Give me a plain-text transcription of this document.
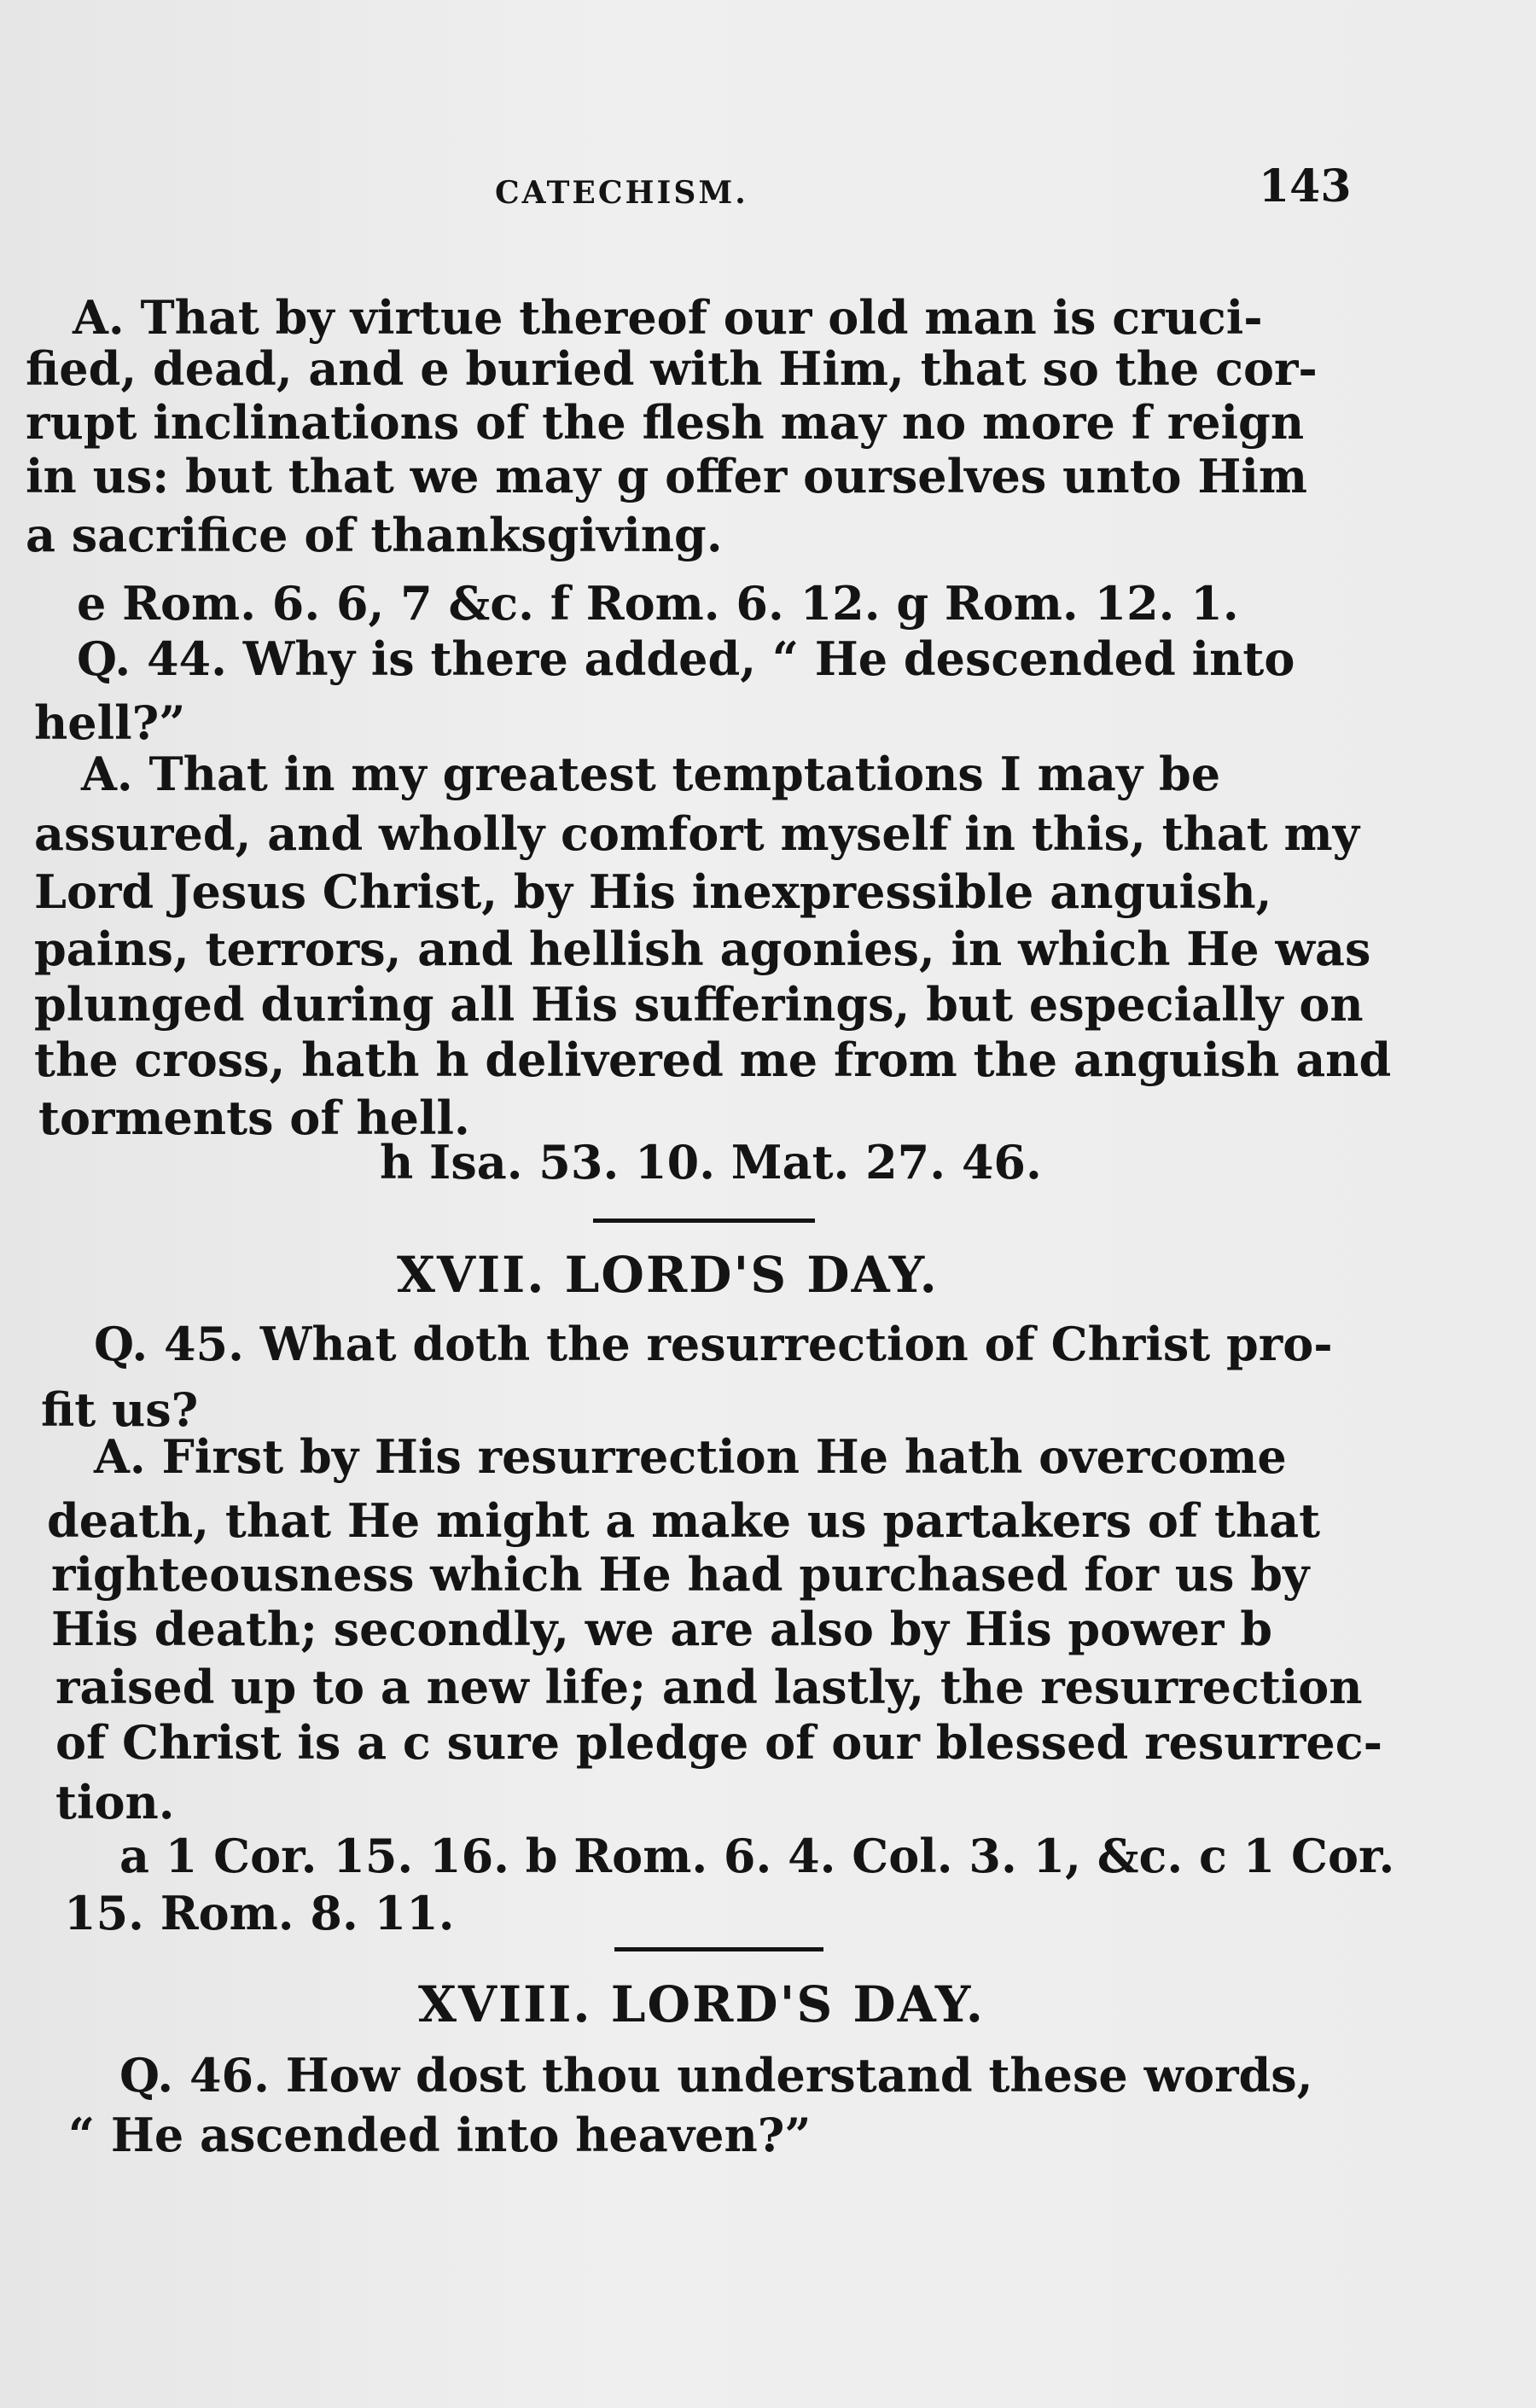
CATECHISM.	143
A. That by virtue thereof our old man is cruci-
fied, dead, and e buried with Him, that so the cor-
rupt inclinations of the flesh may no more f reign
in us: but that we may g offer ourselves unto Him
a sacrifice of thanksgiving.
e Rom. 6. 6, 7 &c. f Rom. 6. 12. g Rom. 12. 1.
Q. 44. Why is there added, “ He descended into
hell?”
A. That in my greatest temptations I may be
assured, and wholly comfort myself in this, that my
Lord Jesus Christ, by His inexpressible anguish,
pains, terrors, and hellish agonies, in which He was
plunged during all His sufferings, but especially on
the cross, hath h delivered me from the anguish and
torments of hell.
h Isa. 53. 10. Mat. 27. 46.
XVII. LORD'S DAY.
Q. 45. What doth the resurrection of Christ pro-
fit us?
A. First by His resurrection He hath overcome
death, that He might a make us partakers of that
righteousness which He had purchased for us by
His death; secondly, we are also by His power b
raised up to a new life; and lastly, the resurrection
of Christ is a c sure pledge of our blessed resurrec-
tion.
a 1 Cor. 15. 16. b Rom. 6. 4. Col. 3. 1, &c. c 1 Cor.
15. Rom. 8. 11.
XVIII. LORD'S DAY.
Q. 46. How dost thou understand these words,
“ He ascended into heaven?”
